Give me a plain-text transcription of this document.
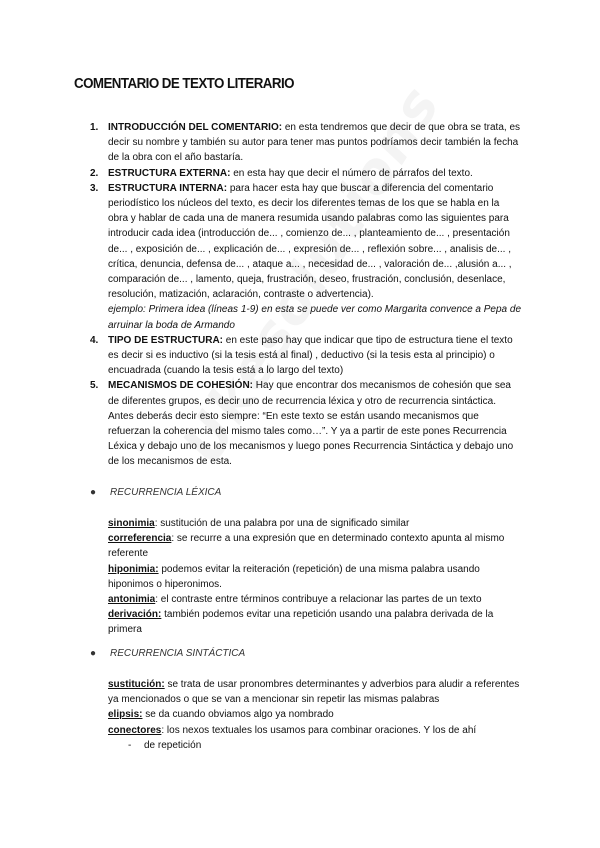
COMENTARIO DE TEXTO LITERARIO
1. INTRODUCCIÓN DEL COMENTARIO: en esta tendremos que decir de que obra se trata, es decir su nombre y también su autor para tener mas puntos podríamos decir también la fecha de la obra con el año bastaría.
2. ESTRUCTURA EXTERNA: en esta hay que decir el número de párrafos del texto.
3. ESTRUCTURA INTERNA: para hacer esta hay que buscar a diferencia del comentario periodístico los núcleos del texto, es decir los diferentes temas de los que se habla en la obra y hablar de cada una de manera resumida usando palabras como las siguientes para introducir cada idea (introducción de... , comienzo de... , planteamiento de... , presentación de... , exposición de... , explicación de... , expresión de... , reflexión sobre... , analisis de... , crítica, denuncia, defensa de... , ataque a... , necesidad de... , valoración de... ,alusión a... , comparación de... , lamento, queja, frustración, deseo, frustración, conclusión, desenlace, resolución, matización, aclaración, contraste o advertencia).
ejemplo: Primera idea (líneas 1-9) en esta se puede ver como Margarita convence a Pepa de arruinar la boda de Armando
4. TIPO DE ESTRUCTURA: en este paso hay que indicar que tipo de estructura tiene el texto es decir si es inductivo (si la tesis está al final) , deductivo (si la tesis esta al principio) o encuadrada (cuando la tesis está a lo largo del texto)
5. MECANISMOS DE COHESIÓN: Hay que encontrar dos mecanismos de cohesión que sea de diferentes grupos, es decir uno de recurrencia léxica y otro de recurrencia sintáctica. Antes deberás decir esto siempre: “En este texto se están usando mecanismos que refuerzan la coherencia del mismo tales como…”. Y ya a partir de este pones Recurrencia Léxica y debajo uno de los mecanismos y luego pones Recurrencia Sintáctica y debajo uno de los mecanismos de esta.
● RECURRENCIA LÉXICA

sinonimia: sustitución de una palabra por una de significado similar

correferencia: se recurre a una expresión que en determinado contexto apunta al mismo referente

hiponimia: podemos evitar la reiteración (repetición) de una misma palabra usando hiponimos o hiperonimos.

antonimia: el contraste entre términos contribuye a relacionar las partes de un texto

derivación: también podemos evitar una repetición usando una palabra derivada de la primera

● RECURRENCIA SINTÁCTICA

sustitución: se trata de usar pronombres determinantes y adverbios para aludir a referentes ya mencionados o que se van a mencionar sin repetir las mismas palabras

elipsis: se da cuando obviamos algo ya nombrado

conectores: los nexos textuales los usamos para combinar oraciones. Y los de ahí

- de repetición
